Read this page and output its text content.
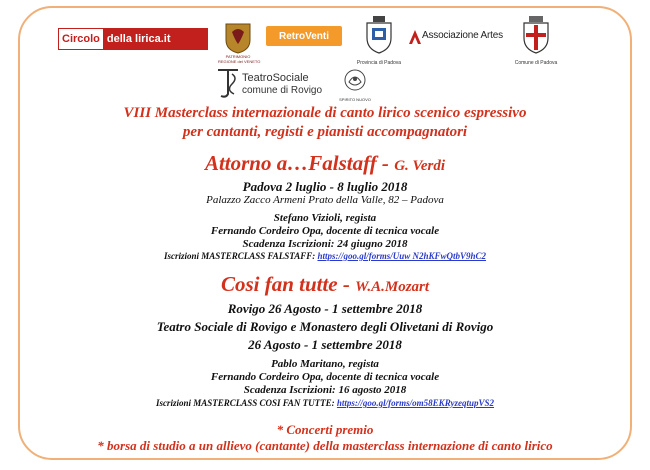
Circolo della lirica.it
PATRIMONIO
REGIONE del VENETO
RetroVenti
Provincia di Padova
Associazione Artes
Comune di Padova
TeatroSociale
comune di Rovigo
SPIRITO NUOVO
VIII Masterclass internazionale di canto lirico scenico espressivo
per cantanti, registi e pianisti accompagnatori
Attorno a…Falstaff - G. Verdi
Padova 2 luglio - 8 luglio 2018
Palazzo Zacco Armeni Prato della Valle, 82 – Padova
Stefano Vizioli, regista
Fernando Cordeiro Opa, docente di tecnica vocale
Scadenza Iscrizioni: 24 giugno 2018
Iscrizioni MASTERCLASS FALSTAFF: https://goo.gl/forms/Uuw N2hKFwQtbV9hC2
Cosi fan tutte - W.A.Mozart
Rovigo 26 Agosto - 1 settembre 2018
Teatro Sociale di Rovigo e Monastero degli Olivetani di Rovigo
26 Agosto - 1 settembre 2018
Pablo Maritano, regista
Fernando Cordeiro Opa, docente di tecnica vocale
Scadenza Iscrizioni: 16 agosto 2018
Iscrizioni MASTERCLASS COSI FAN TUTTE: https://goo.gl/forms/om58EKRyzeqtupVS2
* Concerti premio
* borsa di studio a un allievo (cantante) della masterclass internazione di canto lirico
